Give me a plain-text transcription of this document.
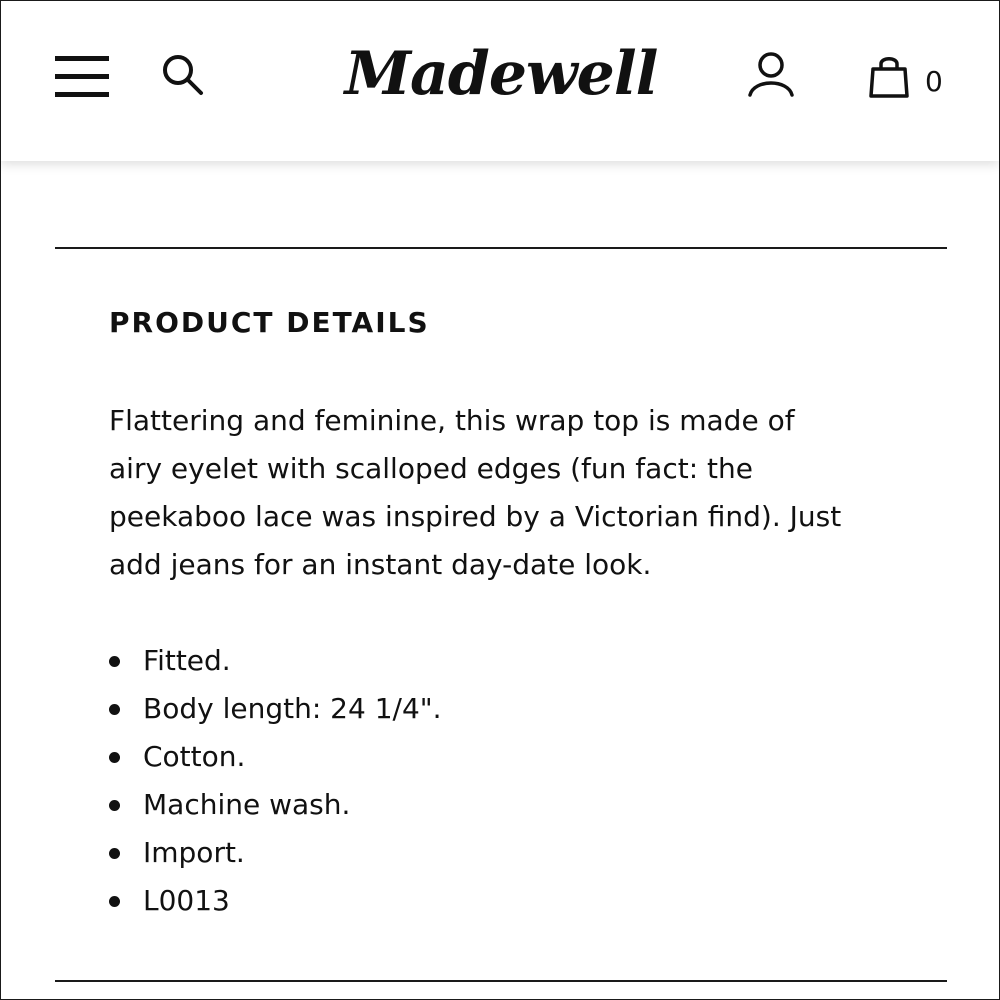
Madewell	0
PRODUCT DETAILS

Flattering and feminine, this wrap top is made of airy eyelet with scalloped edges (fun fact: the peekaboo lace was inspired by a Victorian find). Just add jeans for an instant day-date look.

Fitted.
Body length: 24 1/4".
Cotton.
Machine wash.
Import.
L0013
